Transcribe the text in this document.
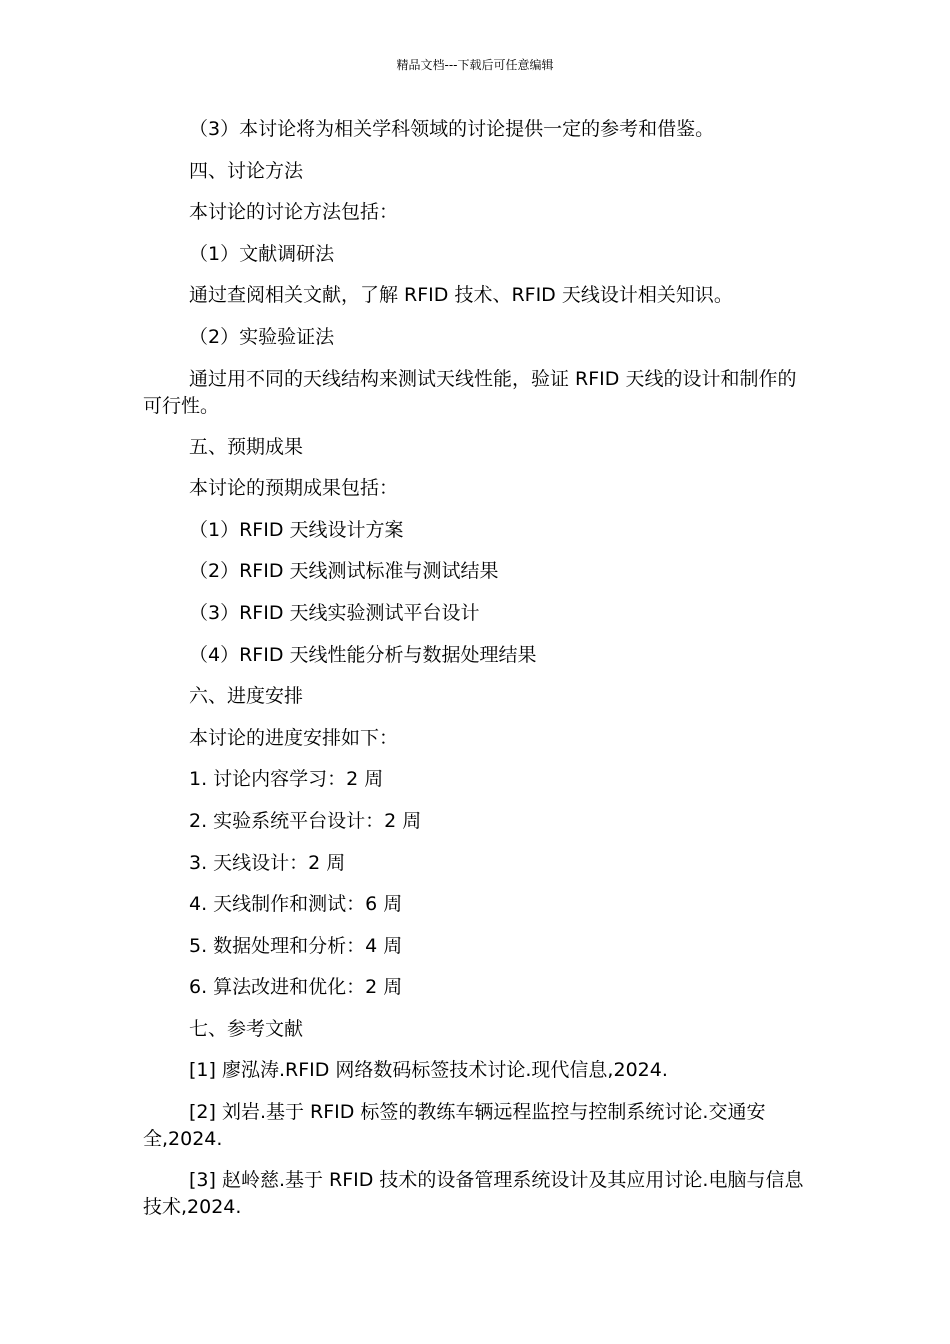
精品文档---下载后可任意编辑

（3）本讨论将为相关学科领域的讨论提供一定的参考和借鉴。

四、讨论方法

本讨论的讨论方法包括：

（1）文献调研法

通过查阅相关文献，了解 RFID 技术、RFID 天线设计相关知识。

（2）实验验证法

通过用不同的天线结构来测试天线性能，验证 RFID 天线的设计和制作的可行性。

五、预期成果

本讨论的预期成果包括：

（1）RFID 天线设计方案

（2）RFID 天线测试标准与测试结果

（3）RFID 天线实验测试平台设计

（4）RFID 天线性能分析与数据处理结果

六、进度安排

本讨论的进度安排如下：

1. 讨论内容学习：2 周

2. 实验系统平台设计：2 周

3. 天线设计：2 周

4. 天线制作和测试：6 周

5. 数据处理和分析：4 周

6. 算法改进和优化：2 周

七、参考文献

[1] 廖泓涛.RFID 网络数码标签技术讨论.现代信息,2024.

[2] 刘岩.基于 RFID 标签的教练车辆远程监控与控制系统讨论.交通安全,2024.

[3] 赵岭慈.基于 RFID 技术的设备管理系统设计及其应用讨论.电脑与信息技术,2024.
